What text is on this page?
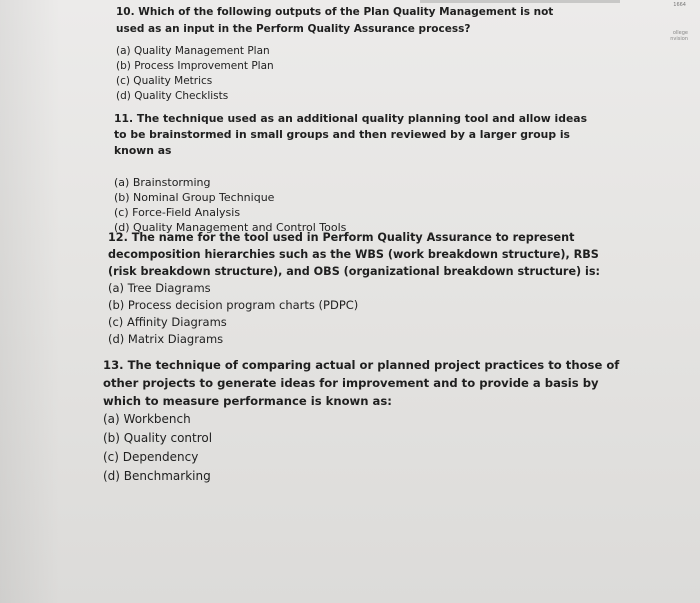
1664
ollege
nvision

10. Which of the following outputs of the Plan Quality Management is not used as an input in the Perform Quality Assurance process?

(a) Quality Management Plan

(b) Process Improvement Plan

(c) Quality Metrics

(d) Quality Checklists

11. The technique used as an additional quality planning tool and allow ideas to be brainstormed in small groups and then reviewed by a larger group is known as

(a) Brainstorming

(b) Nominal Group Technique

(c) Force-Field Analysis

(d) Quality Management and Control Tools

12. The name for the tool used in Perform Quality Assurance to represent decomposition hierarchies such as the WBS (work breakdown structure), RBS (risk breakdown structure), and OBS (organizational breakdown structure) is:

(a) Tree Diagrams

(b) Process decision program charts (PDPC)

(c) Affinity Diagrams

(d) Matrix Diagrams

13. The technique of comparing actual or planned project practices to those of other projects to generate ideas for improvement and to provide a basis by which to measure performance is known as:

(a) Workbench

(b) Quality control

(c) Dependency

(d) Benchmarking
